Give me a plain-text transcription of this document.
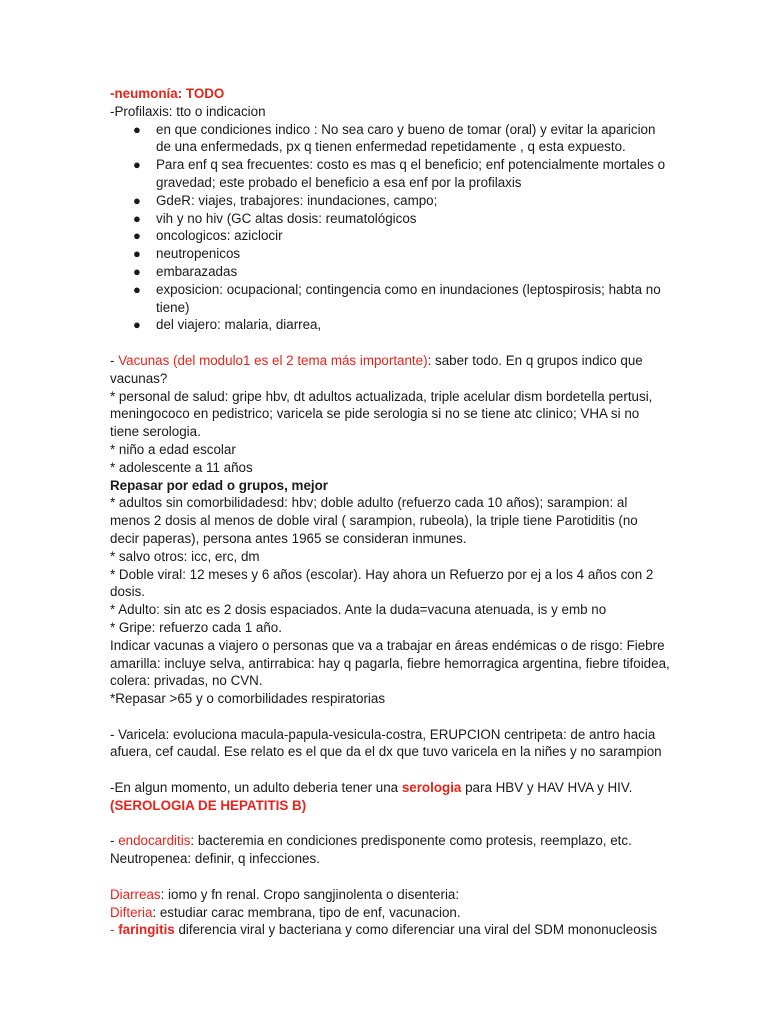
-neumonía: TODO
-Profilaxis: tto o indicacion
● en que condiciones indico : No sea caro y bueno de tomar (oral) y evitar la aparicion de una enfermedads, px q tienen enfermedad repetidamente , q esta expuesto.
● Para enf q sea frecuentes: costo es mas q el beneficio; enf potencialmente mortales o gravedad; este probado el beneficio a esa enf por la profilaxis
● GdeR: viajes, trabajores: inundaciones, campo;
● vih y no hiv (GC altas dosis: reumatológicos
● oncologicos: aziclocir
● neutropenicos
● embarazadas
● exposicion: ocupacional; contingencia como en inundaciones (leptospirosis; habta no tiene)
● del viajero: malaria, diarrea,
- Vacunas (del modulo1 es el 2 tema más importante): saber todo. En q grupos indico que vacunas?
* personal de salud: gripe hbv, dt adultos actualizada, triple acelular dism bordetella pertusi, meningococo en pedistrico; varicela se pide serologia si no se tiene atc clinico; VHA si no tiene serologia.
* niño a edad escolar
* adolescente a 11 años
Repasar por edad o grupos, mejor
* adultos sin comorbilidadesd: hbv; doble adulto (refuerzo cada 10 años); sarampion: al menos 2 dosis al menos de doble viral ( sarampion, rubeola), la triple tiene Parotiditis (no decir paperas), persona antes 1965 se consideran inmunes.
* salvo otros: icc, erc, dm
* Doble viral: 12 meses y 6 años (escolar). Hay ahora un Refuerzo por ej a los 4 años con 2 dosis.
* Adulto: sin atc es 2 dosis espaciados. Ante la duda=vacuna atenuada, is y emb no
* Gripe: refuerzo cada 1 año.
Indicar vacunas a viajero o personas que va a trabajar en áreas endémicas o de risgo: Fiebre amarilla: incluye selva, antirrabica: hay q pagarla, fiebre hemorragica argentina, fiebre tifoidea, colera: privadas, no CVN.
*Repasar >65 y o comorbilidades respiratorias
- Varicela: evoluciona macula-papula-vesicula-costra, ERUPCION centripeta: de antro hacia afuera, cef caudal. Ese relato es el que da el dx que tuvo varicela en la niñes y no sarampion
-En algun momento, un adulto deberia tener una serologia para HBV y HAV HVA y HIV.
(SEROLOGIA DE HEPATITIS B)
- endocarditis: bacteremia en condiciones predisponente como protesis, reemplazo, etc.
Neutropenea: definir, q infecciones.
Diarreas: iomo y fn renal. Cropo sangjinolenta o disenteria:
Difteria: estudiar carac membrana, tipo de enf, vacunacion.
- faringitis diferencia viral y bacteriana y como diferenciar una viral del SDM mononucleosis
